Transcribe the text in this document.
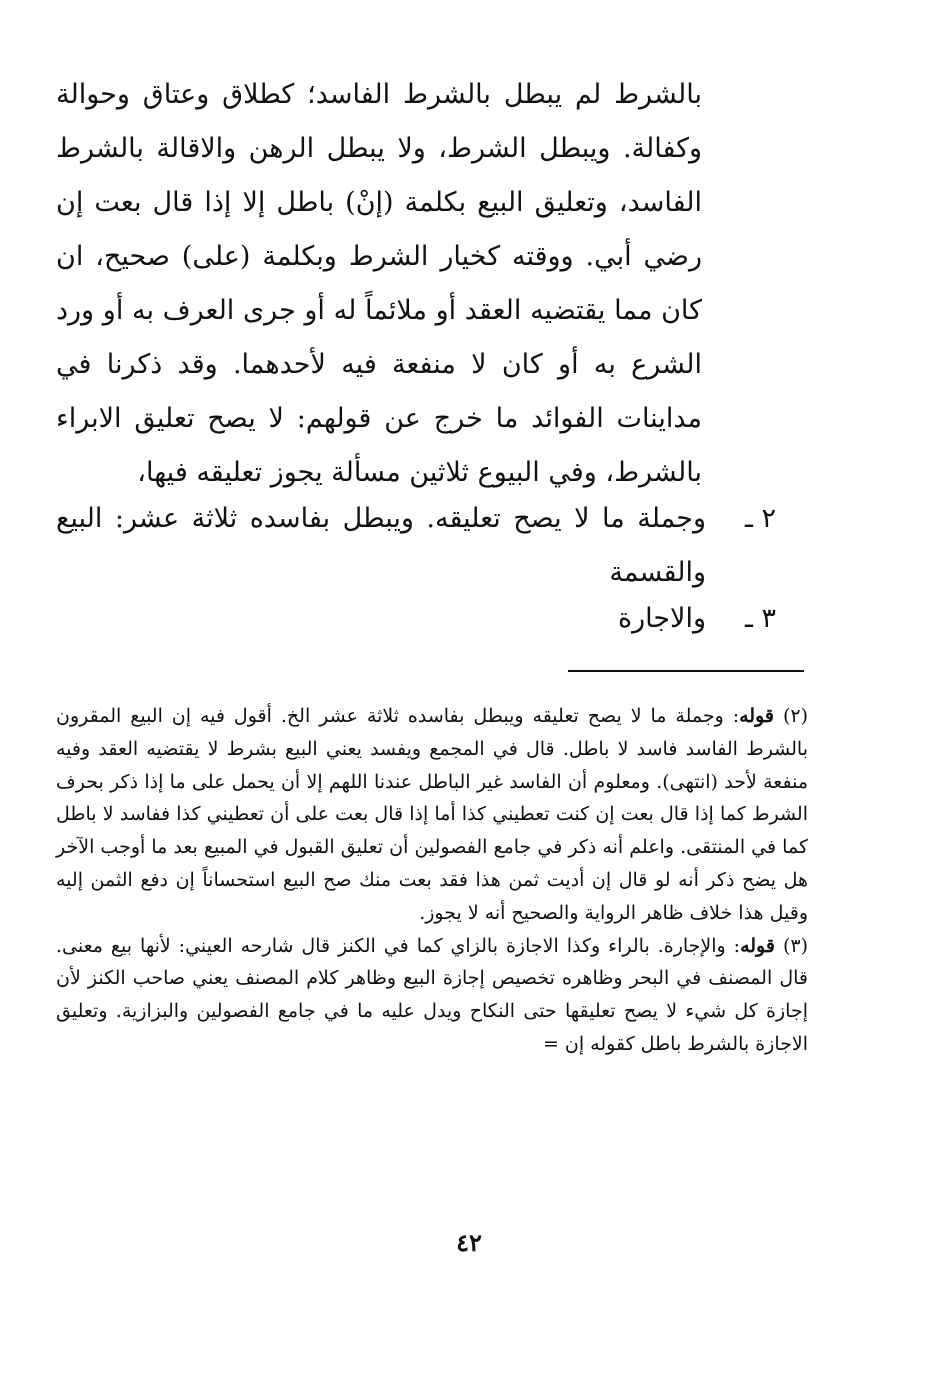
بالشرط لم يبطل بالشرط الفاسد؛ كطلاق وعتاق وحوالة وكفالة. ويبطل الشرط، ولا يبطل الرهن والاقالة بالشرط الفاسد، وتعليق البيع بكلمة (إنْ) باطل إلا إذا قال بعت إن رضي أبي. ووقته كخيار الشرط وبكلمة (على) صحيح، ان كان مما يقتضيه العقد أو ملائماً له أو جرى العرف به أو ورد الشرع به أو كان لا منفعة فيه لأحدهما. وقد ذكرنا في مداينات الفوائد ما خرج عن قولهم: لا يصح تعليق الابراء بالشرط، وفي البيوع ثلاثين مسألة يجوز تعليقه فيها،

٢ ـ
وجملة ما لا يصح تعليقه. ويبطل بفاسده ثلاثة عشر: البيع والقسمة
٣ ـ
والاجارة

(٢) قوله: وجملة ما لا يصح تعليقه ويبطل بفاسده ثلاثة عشر الخ. أقول فيه إن البيع المقرون بالشرط الفاسد فاسد لا باطل. قال في المجمع ويفسد يعني البيع بشرط لا يقتضيه العقد وفيه منفعة لأحد (انتهى). ومعلوم أن الفاسد غير الباطل عندنا اللهم إلا أن يحمل على ما إذا ذكر بحرف الشرط كما إذا قال بعت إن كنت تعطيني كذا أما إذا قال بعت على أن تعطيني كذا ففاسد لا باطل كما في المنتقى. واعلم أنه ذكر في جامع الفصولين أن تعليق القبول في المبيع بعد ما أوجب الآخر هل يضح ذكر أنه لو قال إن أديت ثمن هذا فقد بعت منك صح البيع استحساناً إن دفع الثمن إليه وقيل هذا خلاف ظاهر الرواية والصحيح أنه لا يجوز.

(٣) قوله: والإجارة. بالراء وكذا الاجازة بالزاي كما في الكنز قال شارحه العيني: لأنها بيع معنى. قال المصنف في البحر وظاهره تخصيص إجازة البيع وظاهر كلام المصنف يعني صاحب الكنز لأن إجازة كل شيء لا يصح تعليقها حتى النكاح ويدل عليه ما في جامع الفصولين والبزازية. وتعليق الاجازة بالشرط باطل كقوله إن =

٤٢
